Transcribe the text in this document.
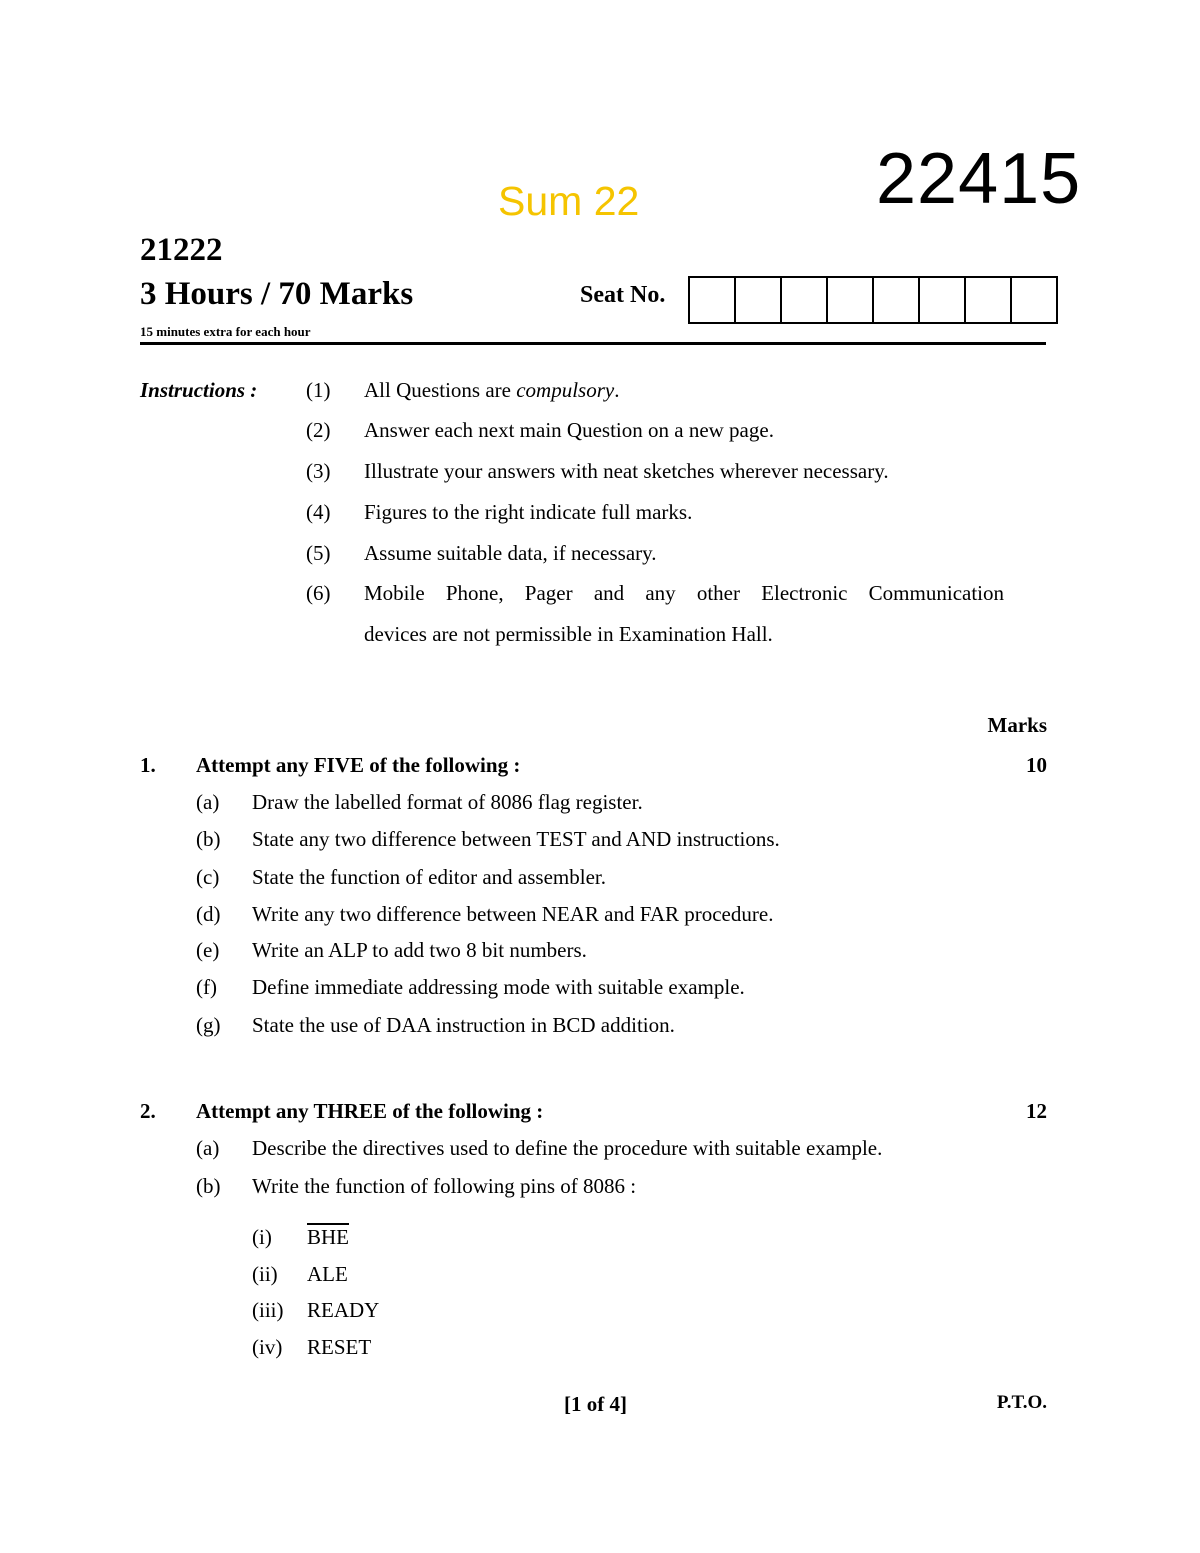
Sum 22	22415
21222
3 Hours / 70 Marks
15 minutes extra for each hour
Seat No.
Instructions : (1) All Questions are compulsory.
(2) Answer each next main Question on a new page.
(3) Illustrate your answers with neat sketches wherever necessary.
(4) Figures to the right indicate full marks.
(5) Assume suitable data, if necessary.
(6) Mobile Phone, Pager and any other Electronic Communication
devices are not permissible in Examination Hall.
Marks
1. Attempt any FIVE of the following :	10
(a) Draw the labelled format of 8086 flag register.
(b) State any two difference between TEST and AND instructions.
(c) State the function of editor and assembler.
(d) Write any two difference between NEAR and FAR procedure.
(e) Write an ALP to add two 8 bit numbers.
(f) Define immediate addressing mode with suitable example.
(g) State the use of DAA instruction in BCD addition.
2. Attempt any THREE of the following :	12
(a) Describe the directives used to define the procedure with suitable example.
(b) Write the function of following pins of 8086 :
(i) $\overline{BHE}$
(ii) ALE
(iii) READY
(iv) RESET
[1 of 4]	P.T.O.
